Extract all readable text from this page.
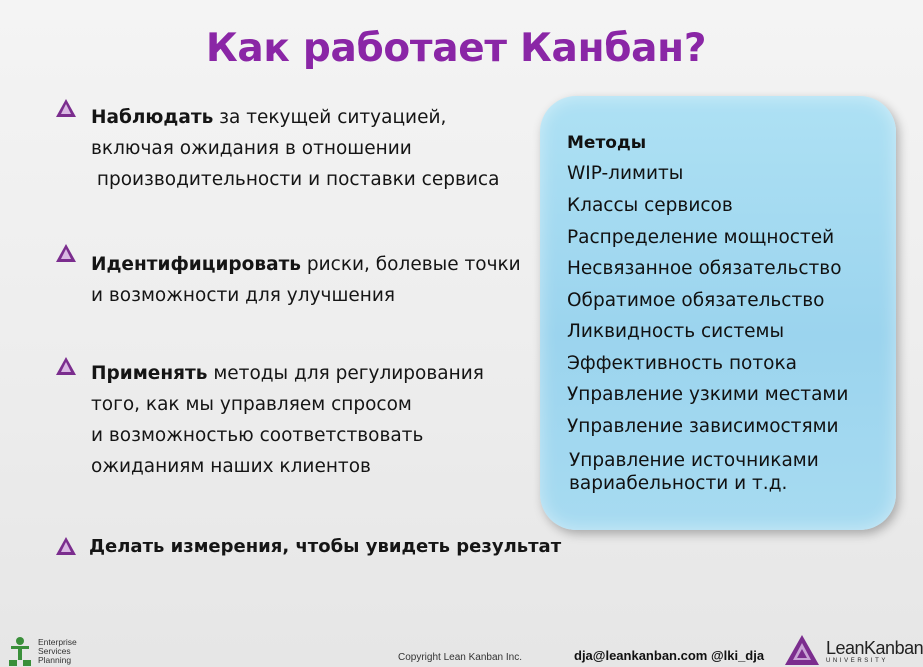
Как работает Канбан?
Наблюдать за текущей ситуацией,
включая ожидания в отношении
производительности и поставки сервиса
Идентифицировать риски, болевые точки
и возможности для улучшения
Применять методы для регулирования
того, как мы управляем спросом
и возможностью соответствовать
ожиданиям наших клиентов
Делать измерения, чтобы увидеть результат
Методы
WIP-лимиты
Классы сервисов
Распределение мощностей
Несвязанное обязательство
Обратимое обязательство
Ликвидность системы
Эффективность потока
Управление узкими местами
Управление зависимостями
Управление источниками
вариабельности и т.д.
Enterprise
Services
Planning	Copyright Lean Kanban Inc.	dja@leankanban.com @lki_dja	LeanKanban
UNIVERSITY
